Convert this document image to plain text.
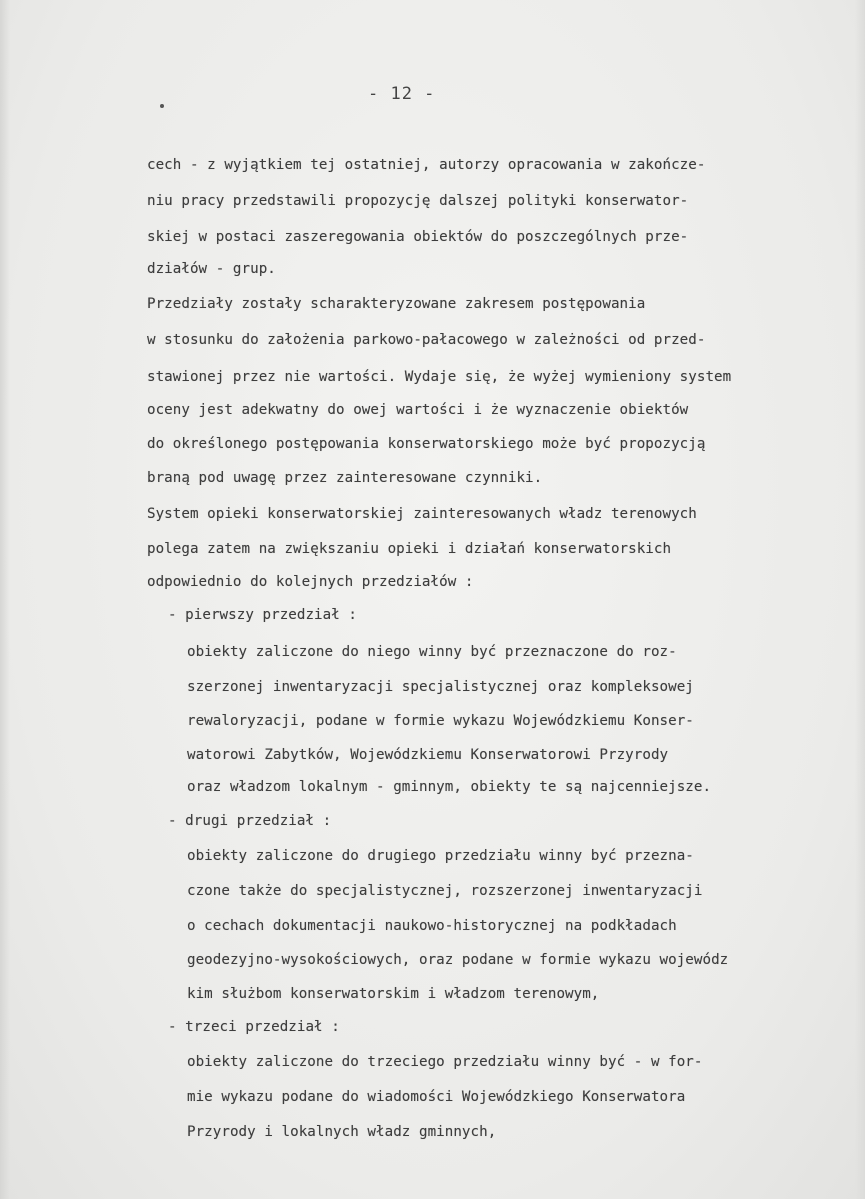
- 12 -
cech - z wyjątkiem tej ostatniej, autorzy opracowania w zakończe-
niu pracy przedstawili propozycję dalszej polityki konserwator-
skiej w postaci zaszeregowania obiektów do poszczególnych prze-
działów - grup.
Przedziały zostały scharakteryzowane zakresem postępowania
w stosunku do założenia parkowo-pałacowego w zależności od przed-
stawionej przez nie wartości. Wydaje się, że wyżej wymieniony system
oceny jest adekwatny do owej wartości i że wyznaczenie obiektów
do określonego postępowania konserwatorskiego może być propozycją
braną pod uwagę przez zainteresowane czynniki.
System opieki konserwatorskiej zainteresowanych władz terenowych
polega zatem na zwiększaniu opieki i działań konserwatorskich
odpowiednio do kolejnych przedziałów :
- pierwszy przedział :
obiekty zaliczone do niego winny być przeznaczone do roz-
szerzonej inwentaryzacji specjalistycznej oraz kompleksowej
rewaloryzacji, podane w formie wykazu Wojewódzkiemu Konser-
watorowi Zabytków, Wojewódzkiemu Konserwatorowi Przyrody
oraz władzom lokalnym - gminnym, obiekty te są najcenniejsze.
- drugi przedział :
obiekty zaliczone do drugiego przedziału winny być przezna-
czone także do specjalistycznej, rozszerzonej inwentaryzacji
o cechach dokumentacji naukowo-historycznej na podkładach
geodezyjno-wysokościowych, oraz podane w formie wykazu wojewódz
kim służbom konserwatorskim i władzom terenowym,
- trzeci przedział :
obiekty zaliczone do trzeciego przedziału winny być - w for-
mie wykazu podane do wiadomości Wojewódzkiego Konserwatora
Przyrody i lokalnych władz gminnych,
